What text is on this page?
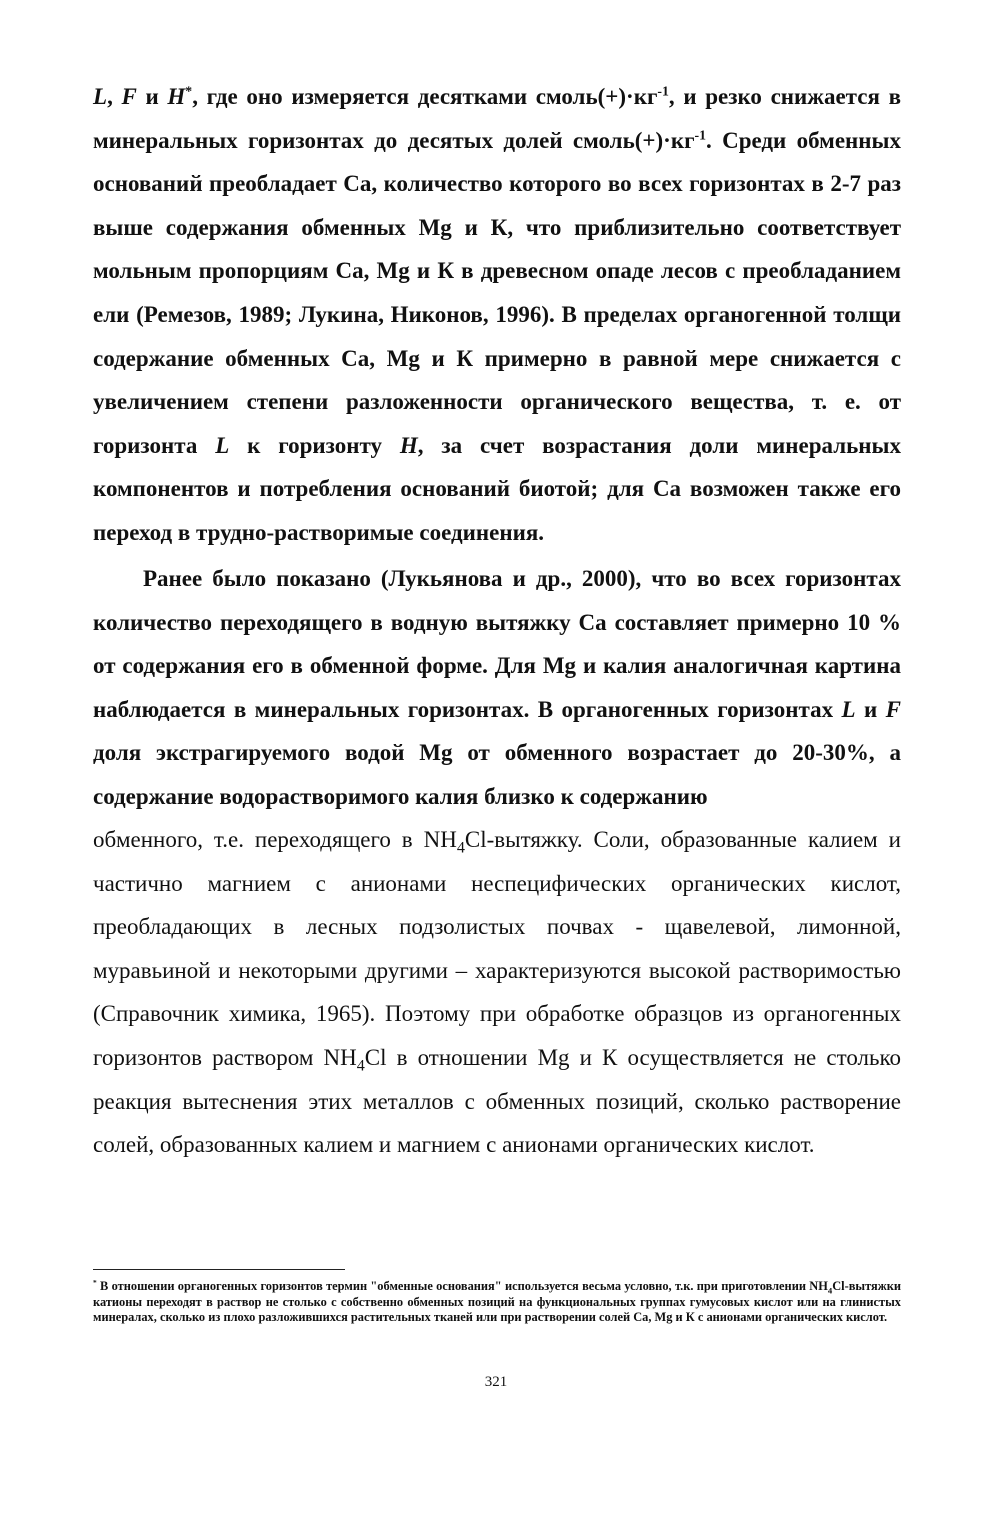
L, F и H*, где оно измеряется десятками $смоль(+)\cdot кг^{-1}$, и резко снижается в минеральных горизонтах до десятых долей $смоль(+)\cdot кг^{-1}$. Среди обменных оснований преобладает Са, количество которого во всех горизонтах в 2-7 раз выше содержания обменных Mg и К, что приблизительно соответствует мольным пропорциям Са, Mg и К в древесном опаде лесов с преобладанием ели (Ремезов, 1989; Лукина, Никонов, 1996). В пределах органогенной толщи содержание обменных Са, Mg и К примерно в равной мере снижается с увеличением степени разложенности органического вещества, т. е. от горизонта L к горизонту H, за счет возрастания доли минеральных компонентов и потребления оснований биотой; для Са возможен также его переход в трудно-растворимые соединения.

Ранее было показано (Лукьянова и др., 2000), что во всех горизонтах количество переходящего в водную вытяжку Са составляет примерно 10 % от содержания его в обменной форме. Для Mg и калия аналогичная картина наблюдается в минеральных горизонтах. В органогенных горизонтах L и F доля экстрагируемого водой Mg от обменного возрастает до 20-30%, а содержание водорастворимого калия близко к содержанию

обменного, т.е. переходящего в $NH_4Cl$-вытяжку. Соли, образованные калием и частично магнием с анионами неспецифических органических кислот, преобладающих в лесных подзолистых почвах - щавелевой, лимонной, муравьиной и некоторыми другими – характеризуются высокой растворимостью (Справочник химика, 1965). Поэтому при обработке образцов из органогенных горизонтов раствором $NH_4Cl$ в отношении Mg и К осуществляется не столько реакция вытеснения этих металлов с обменных позиций, сколько растворение солей, образованных калием и магнием с анионами органических кислот.

* В отношении органогенных горизонтов термин "обменные основания" используется весьма условно, т.к. при приготовлении $NH_4Cl$-вытяжки катионы переходят в раствор не столько с собственно обменных позиций на функциональных группах гумусовых кислот или на глинистых минералах, сколько из плохо разложившихся растительных тканей или при растворении солей Са, Mg и К с анионами органических кислот.

321
